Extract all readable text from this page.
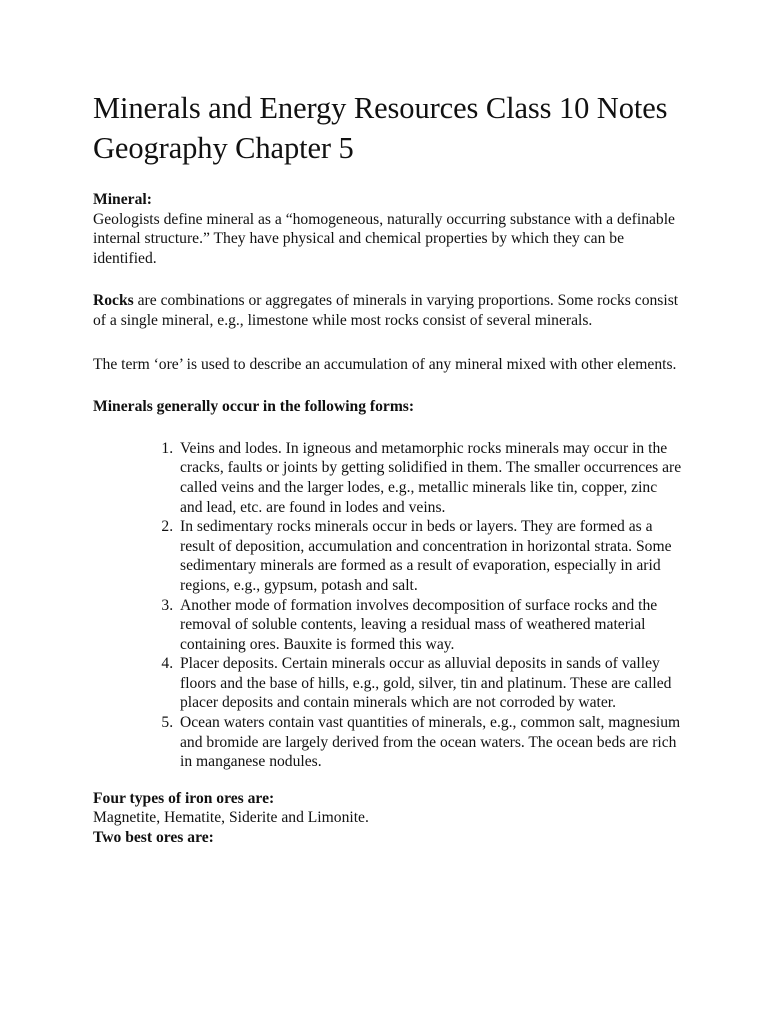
Minerals and Energy Resources Class 10 Notes Geography Chapter 5

Mineral:
Geologists define mineral as a “homogeneous, naturally occurring substance with a definable internal structure.” They have physical and chemical properties by which they can be identified.

Rocks are combinations or aggregates of minerals in varying proportions. Some rocks consist of a single mineral, e.g., limestone while most rocks consist of several minerals.

The term ‘ore’ is used to describe an accumulation of any mineral mixed with other elements.

Minerals generally occur in the following forms:

1. Veins and lodes. In igneous and metamorphic rocks minerals may occur in the cracks, faults or joints by getting solidified in them. The smaller occurrences are called veins and the larger lodes, e.g., metallic minerals like tin, copper, zinc and lead, etc. are found in lodes and veins.
2. In sedimentary rocks minerals occur in beds or layers. They are formed as a result of deposition, accumulation and concentration in horizontal strata. Some sedimentary minerals are formed as a result of evaporation, especially in arid regions, e.g., gypsum, potash and salt.
3. Another mode of formation involves decomposition of surface rocks and the removal of soluble contents, leaving a residual mass of weathered material containing ores. Bauxite is formed this way.
4. Placer deposits. Certain minerals occur as alluvial deposits in sands of valley floors and the base of hills, e.g., gold, silver, tin and platinum. These are called placer deposits and contain minerals which are not corroded by water.
5. Ocean waters contain vast quantities of minerals, e.g., common salt, magnesium and bromide are largely derived from the ocean waters. The ocean beds are rich in manganese nodules.

Four types of iron ores are:
Magnetite, Hematite, Siderite and Limonite.
Two best ores are:
